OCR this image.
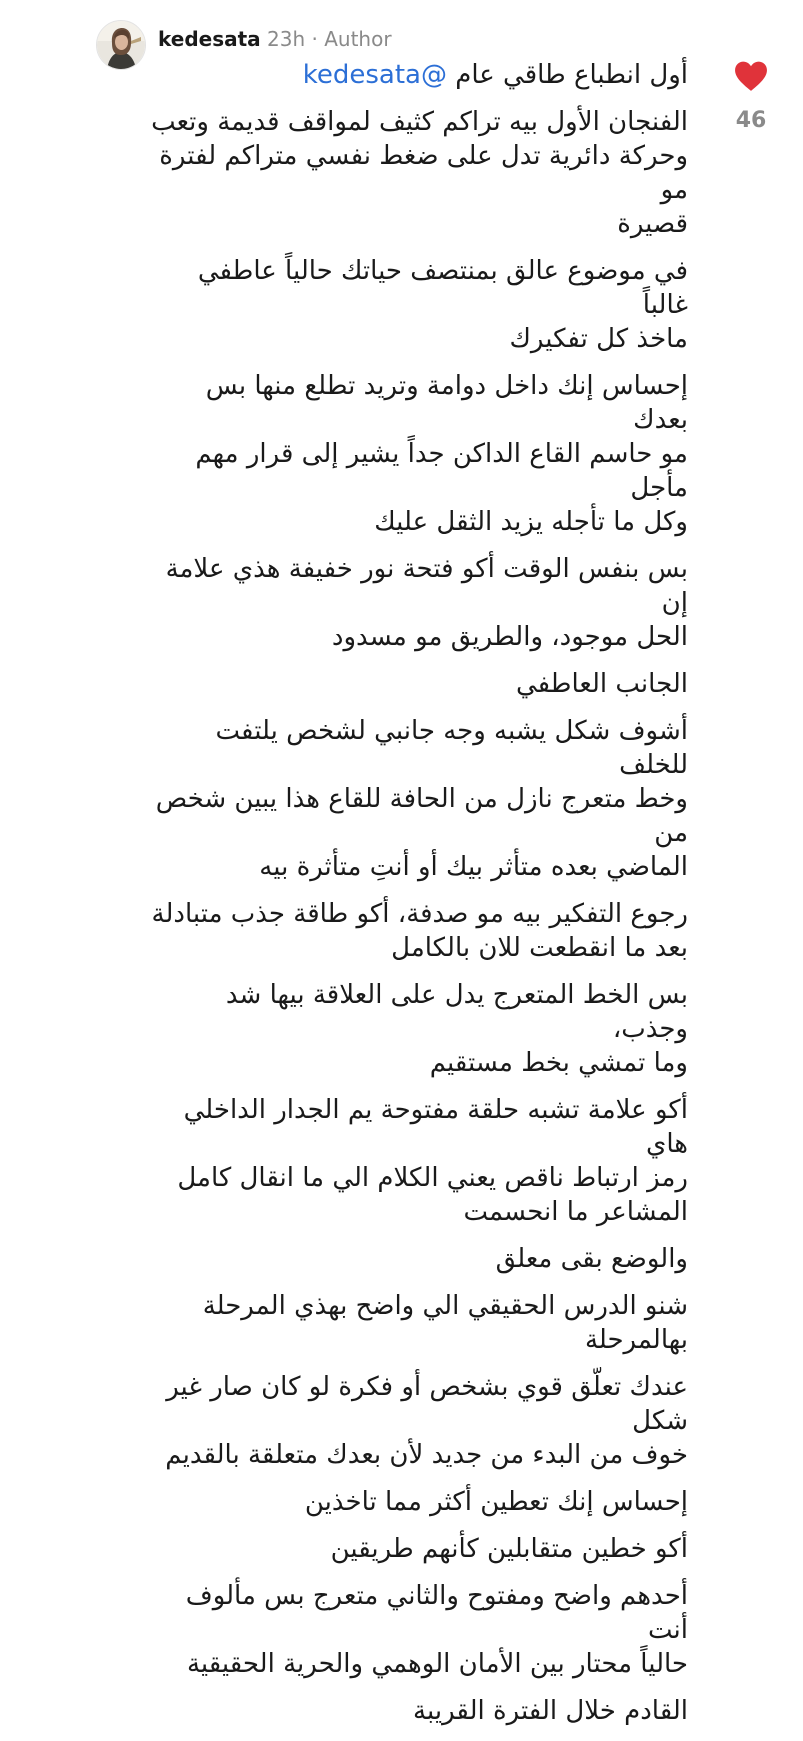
kedesata 23h · Author
46

أول انطباع طاقي عام @kedesata

الفنجان الأول بيه تراكم كثيف لمواقف قديمة وتعب
وحركة دائرية تدل على ضغط نفسي متراكم لفترة مو
قصيرة

في موضوع عالق بمنتصف حياتك حالياً عاطفي غالباً
ماخذ كل تفكيرك

إحساس إنك داخل دوامة وتريد تطلع منها بس بعدك
مو حاسم القاع الداكن جداً يشير إلى قرار مهم مأجل
وكل ما تأجله يزيد الثقل عليك

بس بنفس الوقت أكو فتحة نور خفيفة هذي علامة إن
الحل موجود، والطريق مو مسدود

الجانب العاطفي

أشوف شكل يشبه وجه جانبي لشخص يلتفت للخلف
وخط متعرج نازل من الحافة للقاع هذا يبين شخص من
الماضي بعده متأثر بيك أو أنتِ متأثرة بيه

رجوع التفكير بيه مو صدفة، أكو طاقة جذب متبادلة
بعد ما انقطعت للان بالكامل

بس الخط المتعرج يدل على العلاقة بيها شد وجذب،
وما تمشي بخط مستقيم

أكو علامة تشبه حلقة مفتوحة يم الجدار الداخلي هاي
رمز ارتباط ناقص يعني الكلام الي ما انقال كامل
المشاعر ما انحسمت

والوضع بقى معلق

شنو الدرس الحقيقي الي واضح بهذي المرحلة
بهالمرحلة

عندك تعلّق قوي بشخص أو فكرة لو كان صار غير شكل
خوف من البدء من جديد لأن بعدك متعلقة بالقديم

إحساس إنك تعطين أكثر مما تاخذين

أكو خطين متقابلين كأنهم طريقين

أحدهم واضح ومفتوح والثاني متعرج بس مألوف أنت
حالياً محتار بين الأمان الوهمي والحرية الحقيقية

القادم خلال الفترة القريبة
